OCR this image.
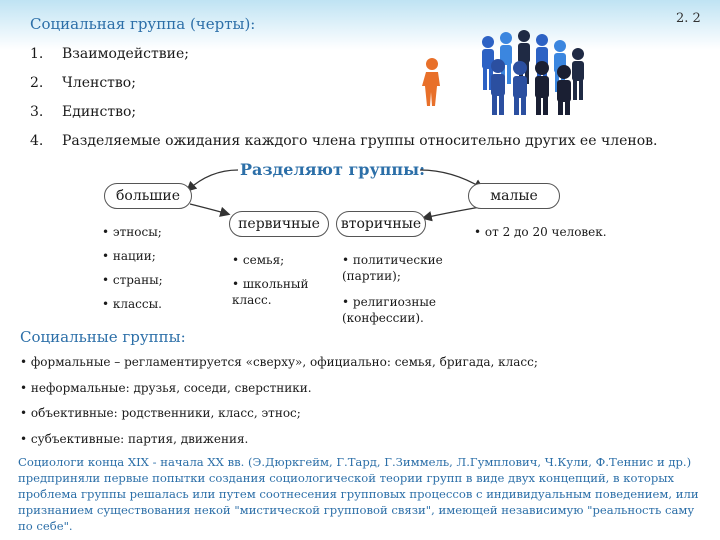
2. 2
Социальная группа (черты):
1. Взаимодействие;
2. Членство;
3. Единство;
4. Разделяемые ожидания каждого члена группы относительно других ее членов.
Разделяют группы:
большие	малые
первичные	вторичные
• этносы;
• нации;
• страны;
• классы.
• семья;
• школьный класс.
• политические (партии);
• религиозные (конфессии).
• от 2 до 20 человек.
Социальные группы:
• формальные – регламентируется «сверху», официально: семья, бригада, класс;
• неформальные: друзья, соседи, сверстники.
• объективные: родственники, класс, этнос;
• субъективные: партия, движения.
Социологи конца XIX - начала XX вв. (Э.Дюркгейм, Г.Тард, Г.Зиммель, Л.Гумплович, Ч.Кули, Ф.Теннис и др.) предприняли первые попытки создания социологической теории групп в виде двух концепций, в которых проблема группы решалась или путем соотнесения групповых процессов с индивидуальным поведением, или признанием существования некой "мистической групповой связи", имеющей независимую "реальность саму по себе".
